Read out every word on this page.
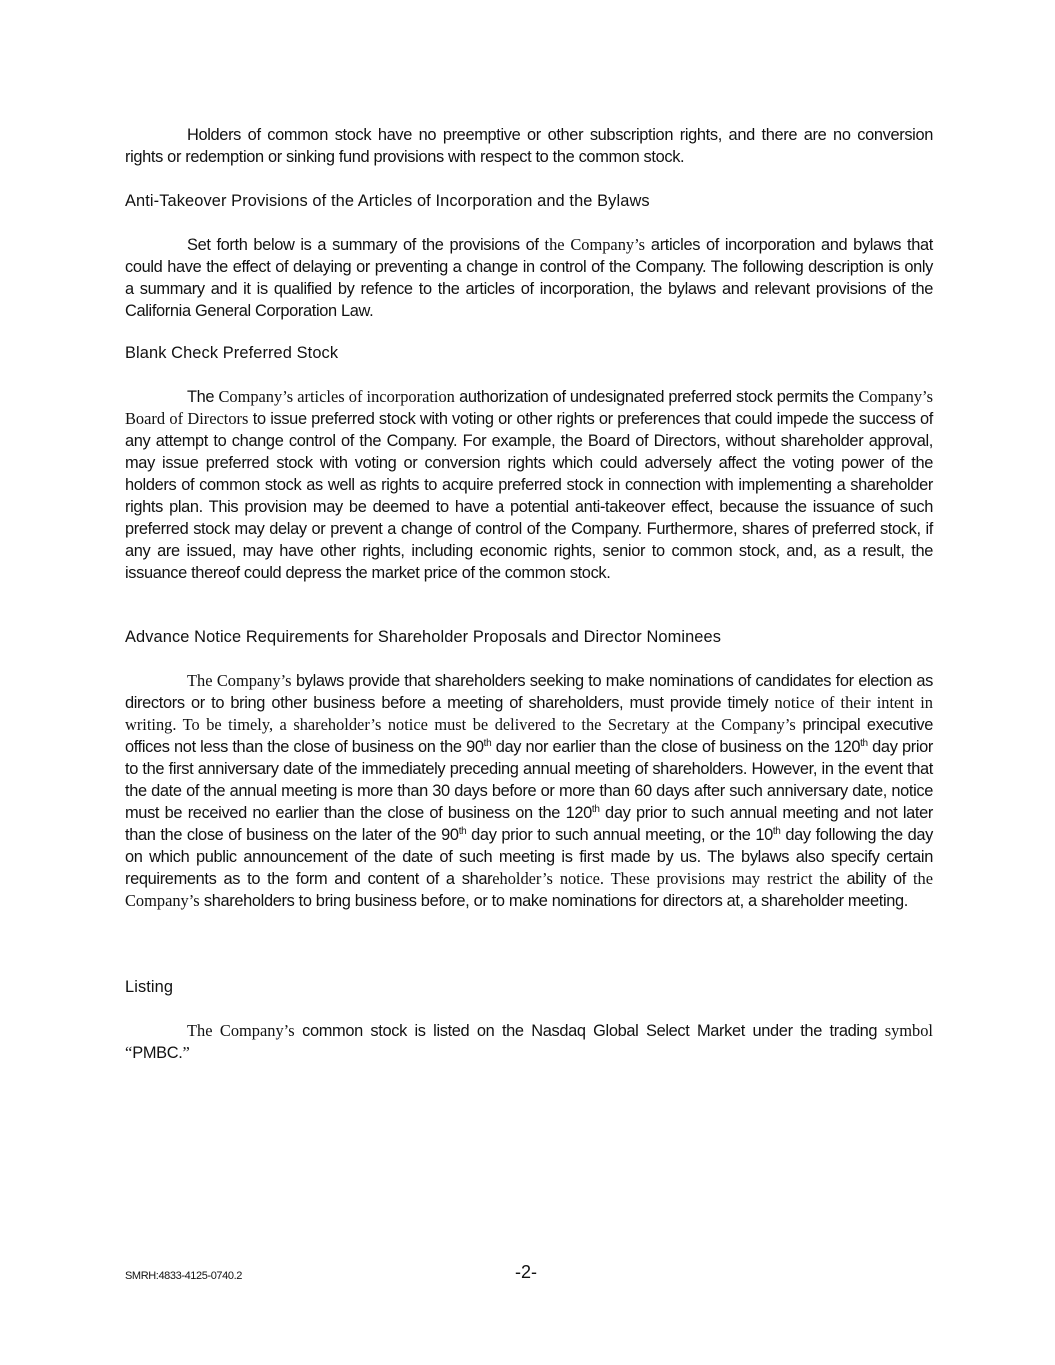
Holders of common stock have no preemptive or other subscription rights, and there are no conversion rights or redemption or sinking fund provisions with respect to the common stock.
Anti-Takeover Provisions of the Articles of Incorporation and the Bylaws
Set forth below is a summary of the provisions of the Company’s articles of incorporation and bylaws that could have the effect of delaying or preventing a change in control of the Company. The following description is only a summary and it is qualified by refence to the articles of incorporation, the bylaws and relevant provisions of the California General Corporation Law.
Blank Check Preferred Stock
The Company’s articles of incorporation authorization of undesignated preferred stock permits the Company’s Board of Directors to issue preferred stock with voting or other rights or preferences that could impede the success of any attempt to change control of the Company. For example, the Board of Directors, without shareholder approval, may issue preferred stock with voting or conversion rights which could adversely affect the voting power of the holders of common stock as well as rights to acquire preferred stock in connection with implementing a shareholder rights plan. This provision may be deemed to have a potential anti-takeover effect, because the issuance of such preferred stock may delay or prevent a change of control of the Company. Furthermore, shares of preferred stock, if any are issued, may have other rights, including economic rights, senior to common stock, and, as a result, the issuance thereof could depress the market price of the common stock.
Advance Notice Requirements for Shareholder Proposals and Director Nominees
The Company’s bylaws provide that shareholders seeking to make nominations of candidates for election as directors or to bring other business before a meeting of shareholders, must provide timely notice of their intent in writing. To be timely, a shareholder’s notice must be delivered to the Secretary at the Company’s principal executive offices not less than the close of business on the 90th day nor earlier than the close of business on the 120th day prior to the first anniversary date of the immediately preceding annual meeting of shareholders. However, in the event that the date of the annual meeting is more than 30 days before or more than 60 days after such anniversary date, notice must be received no earlier than the close of business on the 120th day prior to such annual meeting and not later than the close of business on the later of the 90th day prior to such annual meeting, or the 10th day following the day on which public announcement of the date of such meeting is first made by us. The bylaws also specify certain requirements as to the form and content of a shareholder’s notice. These provisions may restrict the ability of the Company’s shareholders to bring business before, or to make nominations for directors at, a shareholder meeting.
Listing
The Company’s common stock is listed on the Nasdaq Global Select Market under the trading symbol “PMBC.”
SMRH:4833-4125-0740.2	-2-
